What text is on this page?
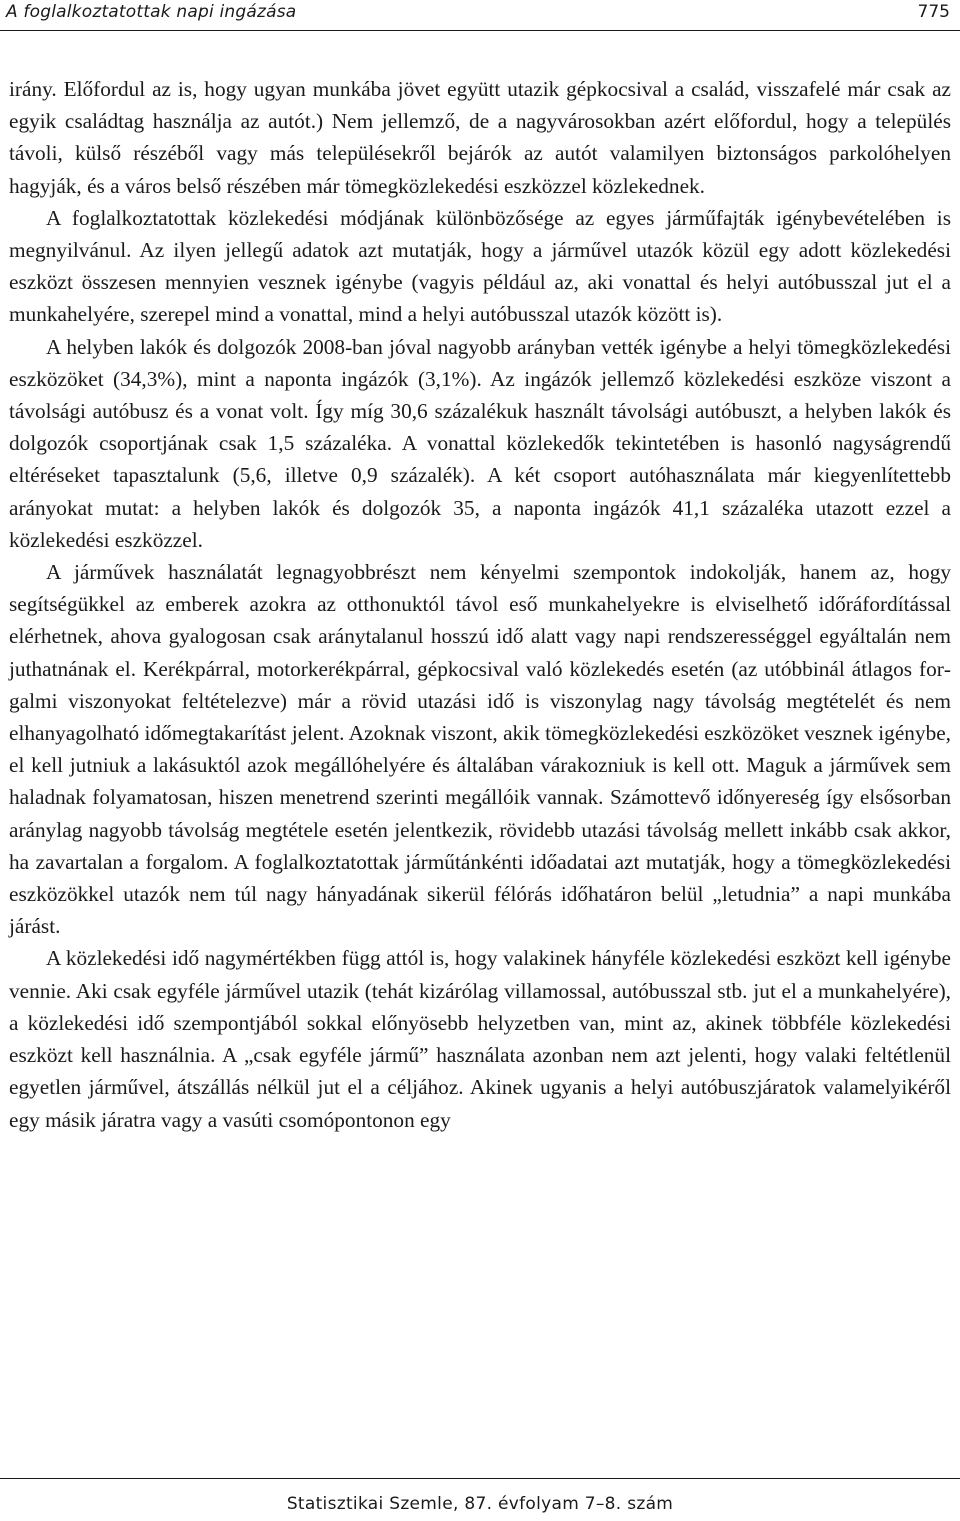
A foglalkoztatottak napi ingázása	775

irány. Előfordul az is, hogy ugyan munkába jövet együtt utazik gépkocsival a család, visszafelé már csak az egyik családtag használja az autót.) Nem jellemző, de a nagyvárosokban azért előfordul, hogy a település távoli, külső részéből vagy más településekről bejárók az autót valamilyen biztonságos parkolóhelyen hagyják, és a város belső részében már tömegközlekedési eszközzel közlekednek.

A foglalkoztatottak közlekedési módjának különbözősége az egyes járműfajták igénybevételében is megnyilvánul. Az ilyen jellegű adatok azt mutatják, hogy a járművel utazók közül egy adott közlekedési eszközt összesen mennyien vesznek igénybe (vagyis például az, aki vonattal és helyi autóbusszal jut el a munkahelyére, szerepel mind a vonattal, mind a helyi autóbusszal utazók között is).

A helyben lakók és dolgozók 2008-ban jóval nagyobb arányban vették igénybe a helyi tömegközlekedési eszközöket (34,3%), mint a naponta ingázók (3,1%). Az ingázók jellemző közlekedési eszköze viszont a távolsági autóbusz és a vonat volt. Így míg 30,6 százalékuk használt távolsági autóbuszt, a helyben lakók és dolgozók csoportjának csak 1,5 százaléka. A vonattal közlekedők tekintetében is hasonló nagyságrendű eltéréseket tapasztalunk (5,6, illetve 0,9 százalék). A két csoport autóhasználata már kiegyenlítettebb arányokat mutat: a helyben lakók és dolgozók 35, a naponta ingázók 41,1 százaléka utazott ezzel a közlekedési eszközzel.

A járművek használatát legnagyobbrészt nem kényelmi szempontok indokolják, hanem az, hogy segítségükkel az emberek azokra az otthonuktól távol eső munkahelyekre is elviselhető időráfordítással elérhetnek, ahova gyalogosan csak aránytalanul hosszú idő alatt vagy napi rendszerességgel egyáltalán nem juthatnának el. Kerékpárral, motorkerékpárral, gépkocsival való közlekedés esetén (az utóbbinál átlagos forgalmi viszonyokat feltételezve) már a rövid utazási idő is viszonylag nagy távolság megtételét és nem elhanyagolható időmegtakarítást jelent. Azoknak viszont, akik tömegközlekedési eszközöket vesznek igénybe, el kell jutniuk a lakásuktól azok megállóhelyére és általában várakozniuk is kell ott. Maguk a járművek sem haladnak folyamatosan, hiszen menetrend szerinti megállóik vannak. Számottevő időnyereség így elsősorban aránylag nagyobb távolság megtétele esetén jelentkezik, rövidebb utazási távolság mellett inkább csak akkor, ha zavartalan a forgalom. A foglalkoztatottak járműtánkénti időadatai azt mutatják, hogy a tömegközlekedési eszközökkel utazók nem túl nagy hányadának sikerül félórás időhatáron belül „letudnia” a napi munkába járást.

A közlekedési idő nagymértékben függ attól is, hogy valakinek hányféle közlekedési eszközt kell igénybe vennie. Aki csak egyféle járművel utazik (tehát kizárólag villamossal, autóbusszal stb. jut el a munkahelyére), a közlekedési idő szempontjából sokkal előnyösebb helyzetben van, mint az, akinek többféle közlekedési eszközt kell használnia. A „csak egyféle jármű” használata azonban nem azt jelenti, hogy valaki feltétlenül egyetlen járművel, átszállás nélkül jut el a céljához. Akinek ugyanis a helyi autóbuszjáratok valamelyikéről egy másik járatra vagy a vasúti csomópontonon egy

Statisztikai Szemle, 87. évfolyam 7–8. szám
